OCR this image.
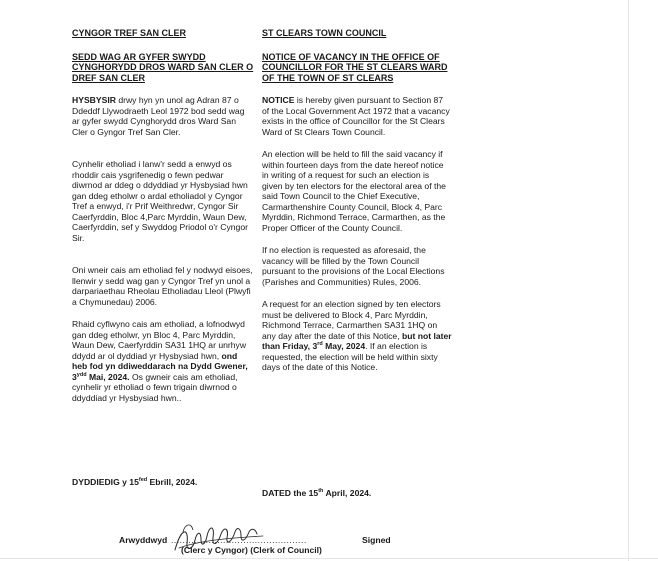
CYNGOR TREF SAN CLER

SEDD WAG AR GYFER SWYDD CYNGHORYDD DROS WARD SAN CLER O DREF SAN CLER

HYSBYSIR drwy hyn yn unol ag Adran 87 o Ddeddf Llywodraeth Leol 1972 bod sedd wag ar gyfer swydd Cynghorydd dros Ward San Cler o Gyngor Tref San Cler.

Cynhelir etholiad i lanw'r sedd a enwyd os rhoddir cais ysgrifenedig o fewn pedwar diwrnod ar ddeg o ddyddiad yr Hysbysiad hwn gan ddeg etholwr o ardal etholiadol y Cyngor Tref a enwyd, i'r Prif Weithredwr, Cyngor Sir Caerfyrddin, Bloc 4,Parc Myrddin, Waun Dew, Caerfyrddin, sef y Swyddog Priodol o'r Cyngor Sir.

Oni wneir cais am etholiad fel y nodwyd eisoes, llenwir y sedd wag gan y Cyngor Tref yn unol a darpariaethau Rheolau Etholiadau Lleol (Plwyfi a Chymunedau) 2006.

Rhaid cyflwyno cais am etholiad, a lofnodwyd gan ddeg etholwr, yn Bloc 4, Parc Myrddin, Waun Dew, Caerfyrddin SA31 1HQ ar unrhyw ddydd ar ol dyddiad yr Hysbysiad hwn, ond heb fod yn ddiweddarach na Dydd Gwener, $3^{ydd}$ Mai, 2024. Os gwneir cais am etholiad, cynhelir yr etholiad o fewn trigain diwrnod o ddyddiad yr Hysbysiad hwn..

ST CLEARS TOWN COUNCIL

NOTICE OF VACANCY IN THE OFFICE OF COUNCILLOR FOR THE ST CLEARS WARD OF THE TOWN OF ST CLEARS

NOTICE is hereby given pursuant to Section 87 of the Local Government Act 1972 that a vacancy exists in the office of Councillor for the St Clears Ward of St Clears Town Council.

An election will be held to fill the said vacancy if within fourteen days from the date hereof notice in writing of a request for such an election is given by ten electors for the electoral area of the said Town Council to the Chief Executive, Carmarthenshire County Council, Block 4, Parc Myrddin, Richmond Terrace, Carmarthen, as the Proper Officer of the County Council.

If no election is requested as aforesaid, the vacancy will be filled by the Town Council pursuant to the provisions of the Local Elections (Parishes and Communities) Rules, 2006.

A request for an election signed by ten electors must be delivered to Block 4, Parc Myrddin, Richmond Terrace, Carmarthen SA31 1HQ on any day after the date of this Notice, but not later than Friday, 3rd May, 2024. If an election is requested, the election will be held within sixty days of the date of this Notice.

DYDDIEDIG y $15^{fed}$ Ebrill, 2024.
DATED the 15th April, 2024.
Arwyddwyd ...............................................	Signed
(Clerc y Cyngor) (Clerk of Council)
